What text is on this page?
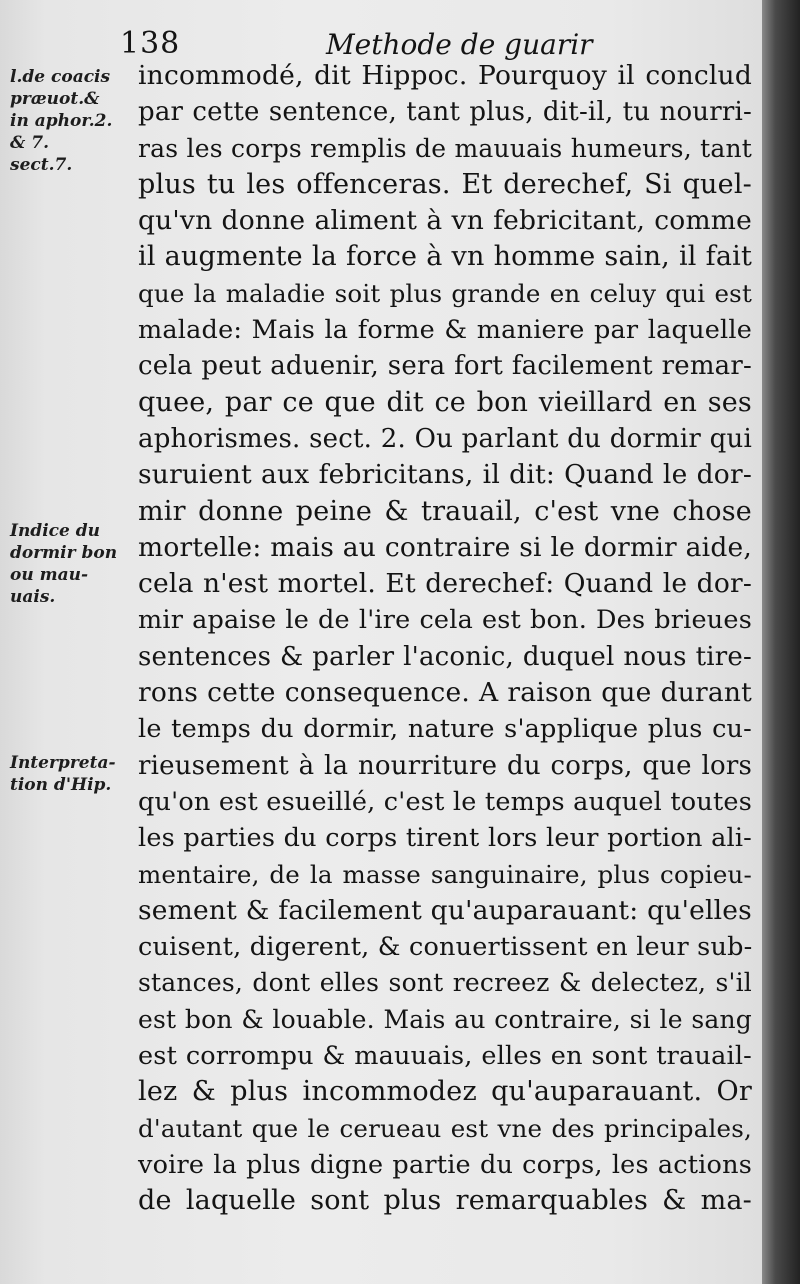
138	Methode de guarir
l.de coacis
præuot.&
in aphor.2.
& 7.
sect.7.
Indice du
dormir bon
ou mau-
uais.
Interpreta-
tion d'Hip.
incommodé, dit Hippoc. Pourquoy il conclud
par cette sentence, tant plus, dit-il, tu nourri-
ras les corps remplis de mauuais humeurs, tant
plus tu les offenceras. Et derechef, Si quel-
qu'vn donne aliment à vn febricitant, comme
il augmente la force à vn homme sain, il fait
que la maladie soit plus grande en celuy qui est
malade: Mais la forme & maniere par laquelle
cela peut aduenir, sera fort facilement remar-
quee, par ce que dit ce bon vieillard en ses
aphorismes. sect. 2. Ou parlant du dormir qui
suruient aux febricitans, il dit: Quand le dor-
mir donne peine & trauail, c'est vne chose
mortelle: mais au contraire si le dormir aide,
cela n'est mortel. Et derechef: Quand le dor-
mir apaise le de l'ire cela est bon. Des brieues
sentences & parler l'aconic, duquel nous tire-
rons cette consequence. A raison que durant
le temps du dormir, nature s'applique plus cu-
rieusement à la nourriture du corps, que lors
qu'on est esueillé, c'est le temps auquel toutes
les parties du corps tirent lors leur portion ali-
mentaire, de la masse sanguinaire, plus copieu-
sement & facilement qu'auparauant: qu'elles
cuisent, digerent, & conuertissent en leur sub-
stances, dont elles sont recreez & delectez, s'il
est bon & louable. Mais au contraire, si le sang
est corrompu & mauuais, elles en sont trauail-
lez & plus incommodez qu'auparauant. Or
d'autant que le cerueau est vne des principales,
voire la plus digne partie du corps, les actions
de laquelle sont plus remarquables & ma-
